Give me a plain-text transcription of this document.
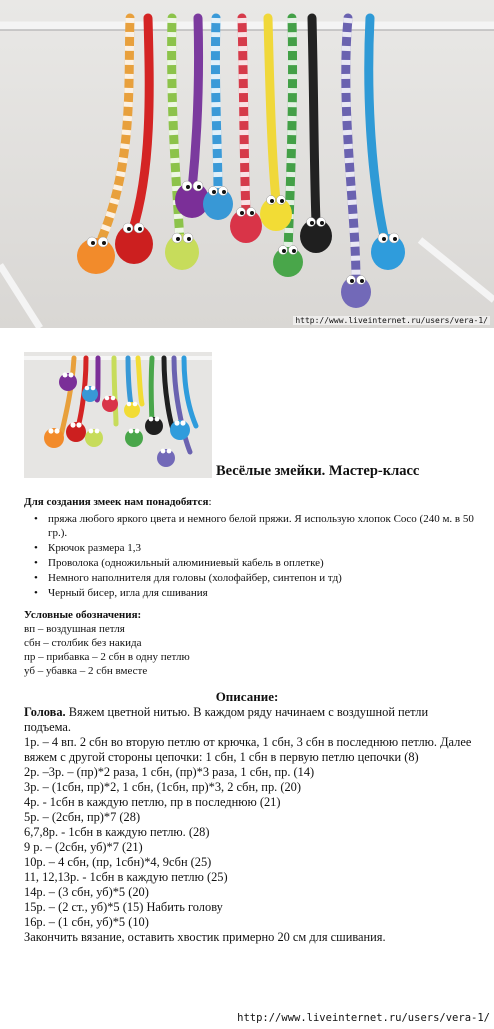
http://www.liveinternet.ru/users/vera-1/
Весёлые змейки. Мастер-класс
Для создания змеек нам понадобятся:
• пряжа любого яркого цвета и немного белой пряжи. Я использую хлопок Coco (240 м. в 50 гр.).
• Крючок размера 1,3
• Проволока (одножильный алюминиевый кабель в оплетке)
• Немного наполнителя для головы (холофайбер, синтепон и тд)
• Черный бисер, игла для сшивания
Условные обозначения:
вп – воздушная петля
сбн – столбик без накида
пр – прибавка – 2 сбн в одну петлю
уб – убавка – 2 сбн вместе
Описание:

Голова. Вяжем цветной нитью. В каждом ряду начинаем с воздушной петли подъема.

1р. – 4 вп. 2 сбн во вторую петлю от крючка, 1 сбн, 3 сбн в последнюю петлю. Далее вяжем с другой стороны цепочки: 1 сбн, 1 сбн в первую петлю цепочки (8)

2р. –3р. – (пр)*2 раза, 1 сбн, (пр)*3 раза, 1 сбн, пр. (14)

3р. – (1сбн, пр)*2, 1 сбн, (1сбн, пр)*3, 2 сбн, пр. (20)

4р. - 1сбн в каждую петлю, пр в последнюю (21)

5р. – (2сбн, пр)*7 (28)

6,7,8р. - 1сбн в каждую петлю. (28)

9 р. – (2сбн, уб)*7 (21)

10р. – 4 сбн, (пр, 1сбн)*4, 9сбн (25)

11, 12,13р. - 1сбн в каждую петлю (25)

14р. – (3 сбн, уб)*5 (20)

15р. – (2 ст., уб)*5 (15) Набить голову

16р. – (1 сбн, уб)*5 (10)

Закончить вязание, оставить хвостик примерно 20 см для сшивания.

http://www.liveinternet.ru/users/vera-1/
